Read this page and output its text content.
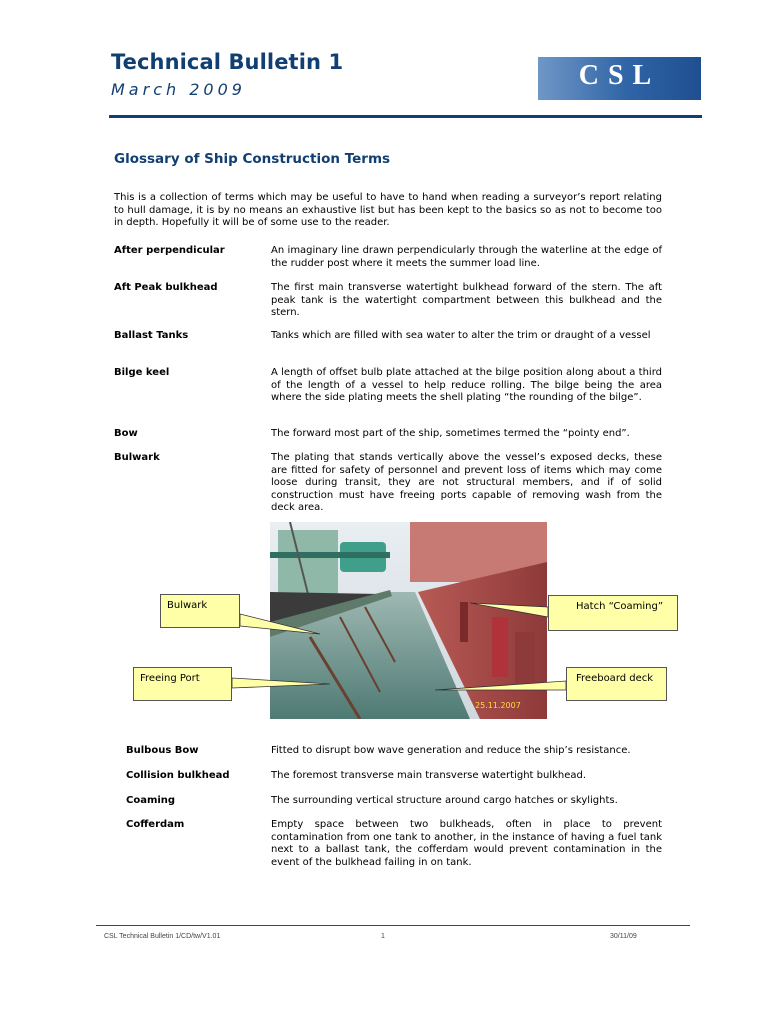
Technical Bulletin 1
March 2009	CSL
Glossary of Ship Construction Terms
This is a collection of terms which may be useful to have to hand when reading a surveyor’s report relating to hull damage, it is by no means an exhaustive list but has been kept to the basics so as not to become too in depth. Hopefully it will be of some use to the reader.
After perpendicular	An imaginary line drawn perpendicularly through the waterline at the edge of the rudder post where it meets the summer load line.
Aft Peak bulkhead	The first main transverse watertight bulkhead forward of the stern. The aft peak tank is the watertight compartment between this bulkhead and the stern.
Ballast Tanks	Tanks which are filled with sea water to alter the trim or draught of a vessel
Bilge keel	A length of offset bulb plate attached at the bilge position along about a third of the length of a vessel to help reduce rolling. The bilge being the area where the side plating meets the shell plating “the rounding of the bilge”.
Bow	The forward most part of the ship, sometimes termed the “pointy end”.
Bulwark	The plating that stands vertically above the vessel’s exposed decks, these are fitted for safety of personnel and prevent loss of items which may come loose during transit, they are not structural members, and if of solid construction must have freeing ports capable of removing wash from the deck area.
25.11.2007
Bulwark
Freeing Port
Hatch “Coaming”
Freeboard deck
Bulbous Bow	Fitted to disrupt bow wave generation and reduce the ship’s resistance.
Collision bulkhead	The foremost transverse main transverse watertight bulkhead.
Coaming	The surrounding vertical structure around cargo hatches or skylights.
Cofferdam	Empty space between two bulkheads, often in place to prevent contamination from one tank to another, in the instance of having a fuel tank next to a ballast tank, the cofferdam would prevent contamination in the event of the bulkhead failing in on tank.
CSL Technical Bulletin 1/CD/tw/V1.01	1	30/11/09
